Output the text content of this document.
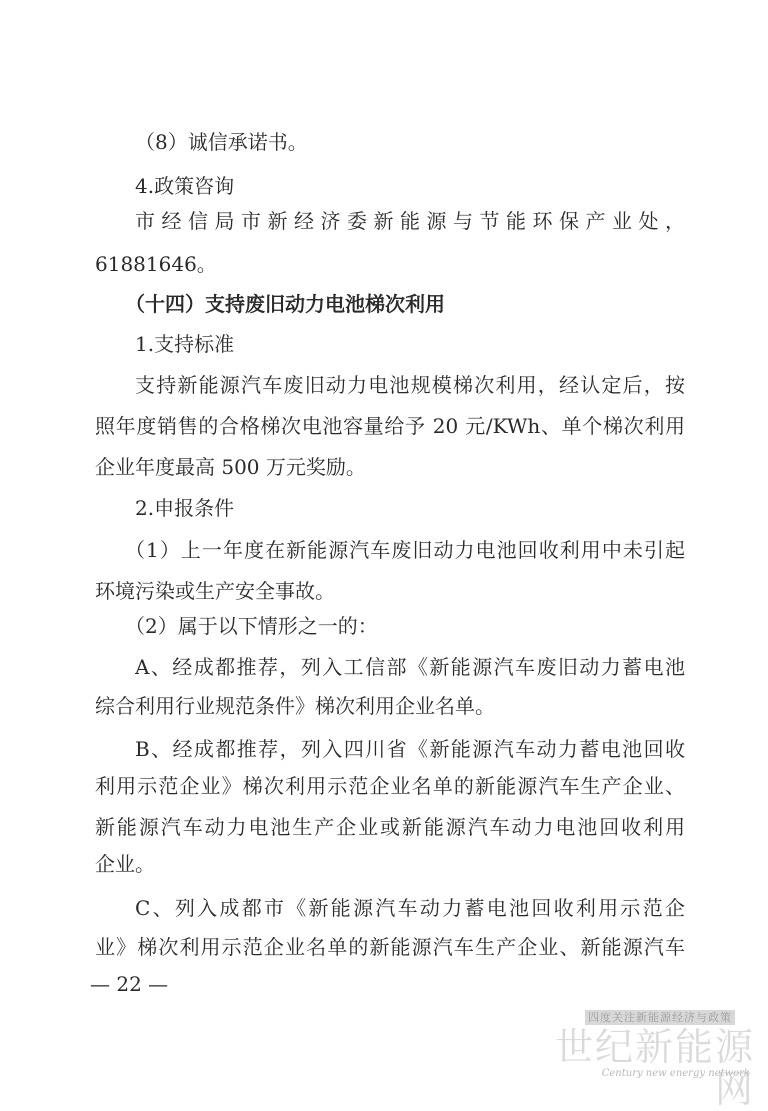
（8）诚信承诺书。
4.政策咨询
市经信局市新经济委新能源与节能环保产业处，
61881646。
（十四）支持废旧动力电池梯次利用
1.支持标准
支持新能源汽车废旧动力电池规模梯次利用，经认定后，按
照年度销售的合格梯次电池容量给予 20 元/KWh、单个梯次利用
企业年度最高 500 万元奖励。
2.申报条件
（1）上一年度在新能源汽车废旧动力电池回收利用中未引起
环境污染或生产安全事故。
（2）属于以下情形之一的：
A、经成都推荐，列入工信部《新能源汽车废旧动力蓄电池
综合利用行业规范条件》梯次利用企业名单。
B、经成都推荐，列入四川省《新能源汽车动力蓄电池回收
利用示范企业》梯次利用示范企业名单的新能源汽车生产企业、
新能源汽车动力电池生产企业或新能源汽车动力电池回收利用
企业。
C、列入成都市《新能源汽车动力蓄电池回收利用示范企
业》梯次利用示范企业名单的新能源汽车生产企业、新能源汽车
— 22 —
四度关注新能源经济与政策
世纪新能源网
Century new energy network
